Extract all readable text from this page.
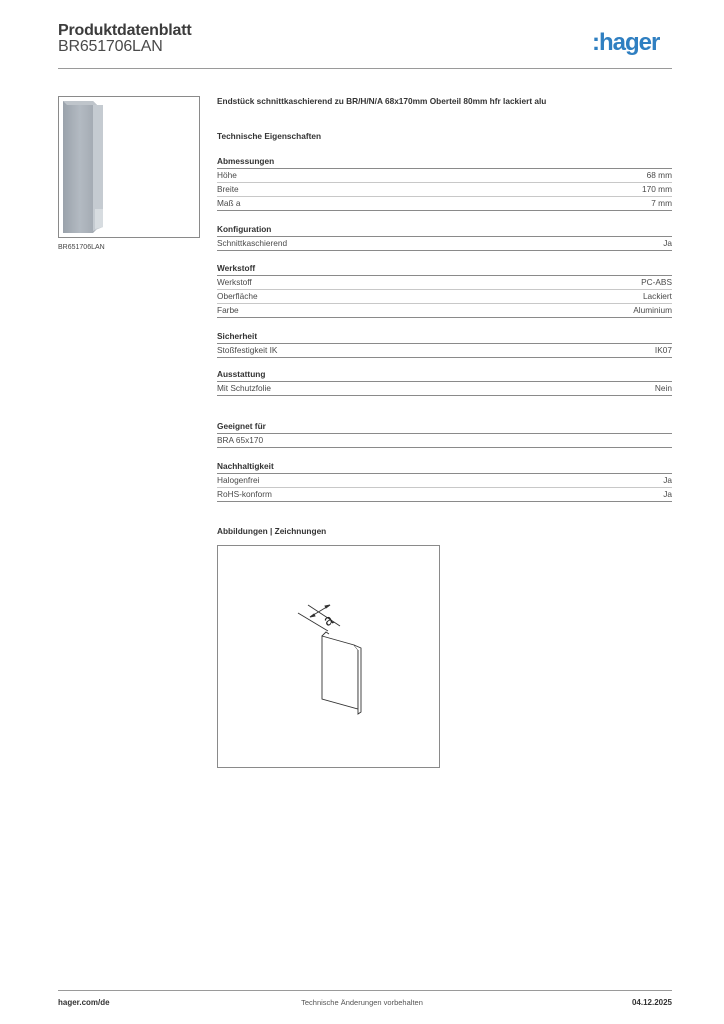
Produktdatenblatt
BR651706LAN	:hager
BR651706LAN
Endstück schnittkaschierend zu BR/H/N/A 68x170mm Oberteil 80mm hfr lackiert alu
Technische Eigenschaften
Abmessungen
Höhe	68 mm
Breite	170 mm
Maß a	7 mm
Konfiguration
Schnittkaschierend	Ja
Werkstoff
Werkstoff	PC-ABS
Oberfläche	Lackiert
Farbe	Aluminium
Sicherheit
Stoßfestigkeit IK	IK07
Ausstattung
Mit Schutzfolie	Nein
Geeignet für
BRA 65x170
Nachhaltigkeit
Halogenfrei	Ja
RoHS-konform	Ja
Abbildungen | Zeichnungen
a
hager.com/de	Technische Änderungen vorbehalten	04.12.2025
